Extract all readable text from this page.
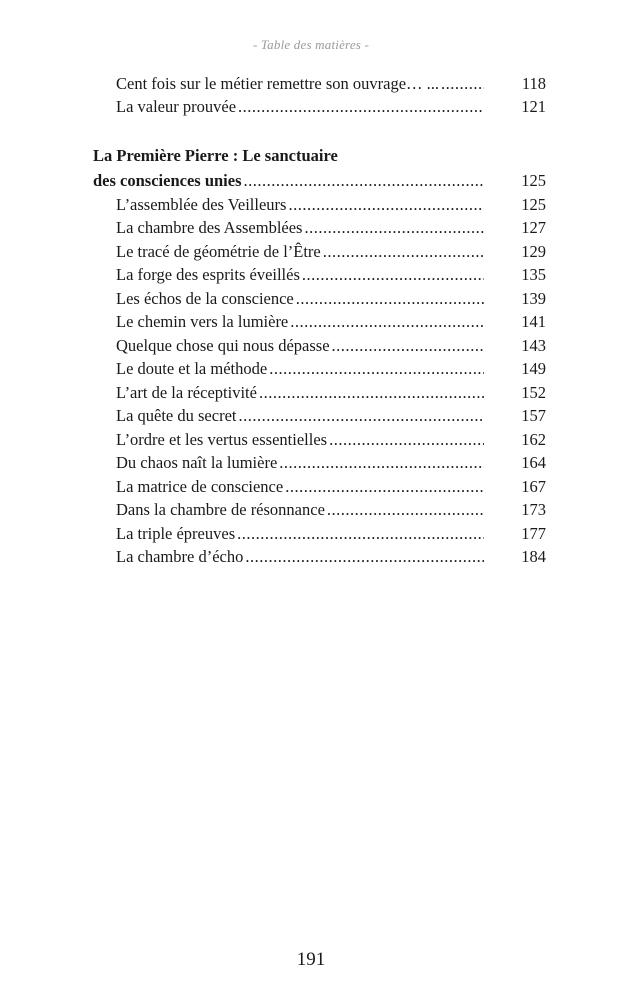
- Table des matières -
Cent fois sur le métier remettre son ouvrage… ... .....	118
La valeur prouvée .....	121
La Première Pierre : Le sanctuaire
des consciences unies .....	125
L’assemblée des Veilleurs .....	125
La chambre des Assemblées .....	127
Le tracé de géométrie de l’Être .....	129
La forge des esprits éveillés .....	135
Les échos de la conscience .....	139
Le chemin vers la lumière .....	141
Quelque chose qui nous dépasse .....	143
Le doute et la méthode .....	149
L’art de la réceptivité .....	152
La quête du secret .....	157
L’ordre et les vertus essentielles .....	162
Du chaos naît la lumière .....	164
La matrice de conscience .....	167
Dans la chambre de résonnance .....	173
La triple épreuves .....	177
La chambre d’écho .....	184
191
